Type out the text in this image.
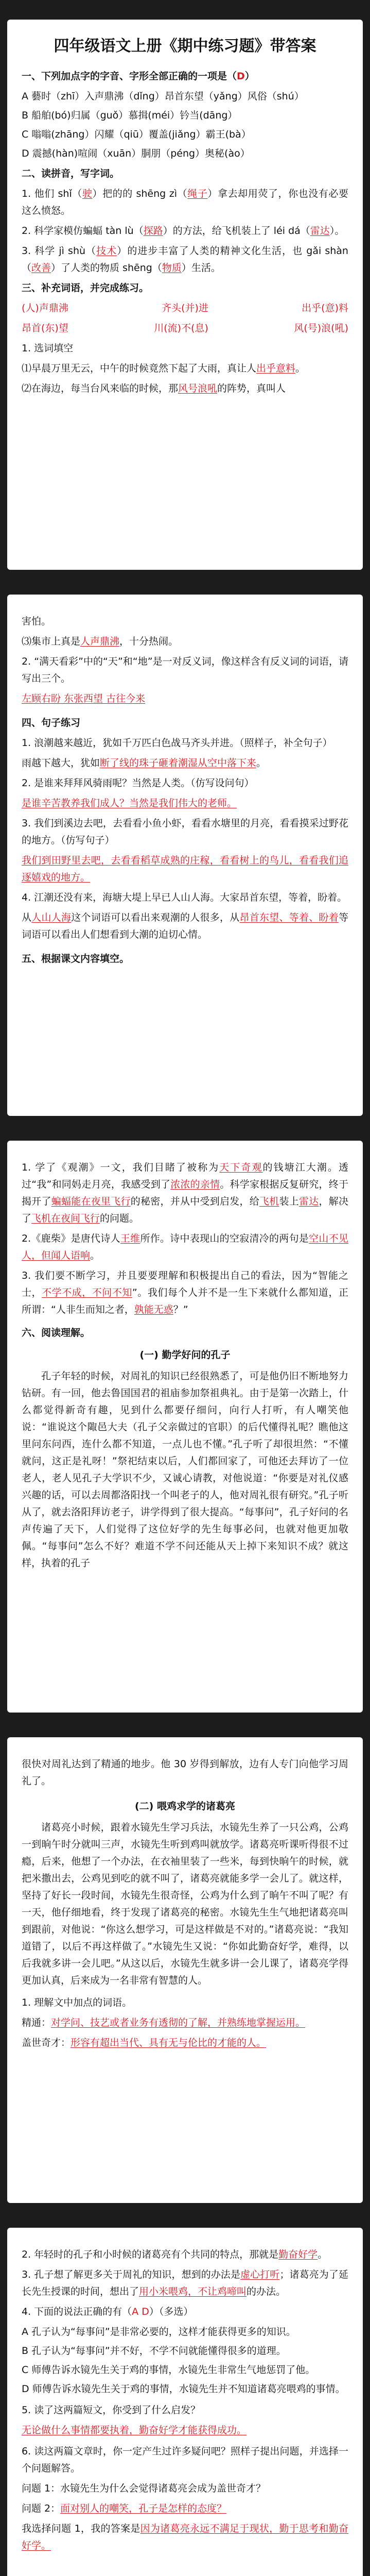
四年级语文上册《期中练习题》带答案
一、下列加点字的字音、字形全部正确的一项是（D）
A 藝时（zhī）入声鼎沸（dǐng）昂首东望（yǎng）风俗（shú）
B 船舶(bó)归属（guǒ）慕揖(méi）钤当(dāng）
C 嗡嗡(zhāng）闪耀（qiū）覆盖(jiǎng）霸王(bà）
D 震撼(hàn)喧闹（xuān）胴朋（péng）奥秘(ào）
二、读拼音，写字词。
1. 他们 shǐ（驶）把的的 shēng zì（绳子）拿去却用荧了，你也没有必要这么愤怒。
2. 科学家模仿蝙蝠 tàn lù（探路）的方法，给飞机装上了 léi dá（雷达）。
3. 科学 jì shù（技术）的进步丰富了人类的精神文化生活，也 gǎi shàn（改善）了人类的物质 shēng（物质）生活。
三、补充词语，并完成练习。
(人)声鼎沸	齐头(并)进	出乎(意)料
昂首(东)望	川(流)不(息)	风(号)浪(吼)
1. 选词填空
⑴早晨万里无云，中午的时候竟然下起了大雨，真让人出乎意料。
⑵在海边，每当台风来临的时候，那风号浪吼的阵势，真叫人
害怕。
⑶集市上真是人声鼎沸，十分热闹。
2. “满天看彩”中的“天”和“地”是一对反义词，像这样含有反义词的词语，请写出三个。
左顾右盼 东张西望 古往今来
四、句子练习
1. 浪潮越来越近，犹如千万匹白色战马齐头并进。（照样子，补全句子）
雨越下越大，犹如断了线的珠子砸着潮湿从空中落下来。
2. 是谁来拜拜风骑雨呢？当然是人类。（仿写设问句）
是谁辛苦教养我们成人？当然是我们伟大的老师。
3. 我们到溪边去吧，去看看小鱼小虾，看看水塘里的月亮，看看摸采过野花的地方。（仿写句子）
我们到田野里去吧，去看看稻草成熟的庄稼，看看树上的鸟儿，看看我们追逐嬉戏的地方。
4. 江潮还没有来，海塘大堤上早已人山人海。大家昂首东望，等着，盼着。
从人山人海这个词语可以看出来观潮的人很多，从昂首东望、等着、盼着等词语可以看出人们想看到大潮的迫切心情。
五、根据课文内容填空。
1. 学了《观潮》一文，我们目睹了被称为天下奇观的钱塘江大潮。透过“我”和同妈走月亮，我感受到了浓浓的亲情。科学家根据反复研究，终于揭开了蝙蝠能在夜里飞行的秘密，并从中受到启发，给飞机装上雷达，解决了飞机在夜间飞行的问题。
2.《鹿柴》是唐代诗人王维所作。诗中表现山的空寂清冷的两句是空山不见人，但闻人语响。
3. 我们要不断学习，并且要要理解和积极提出自己的看法，因为“智能之士，不学不成，不问不知”。我们每个人并不是一生下来就什么都知道，正所谓：“人非生而知之者，孰能无惑？”
六、阅读理解。
(一) 勤学好问的孔子
孔子年轻的时候，对周礼的知识已经很熟悉了，可是他仍旧不断地努力钻研。有一回，他去鲁国国君的祖庙参加祭祖典礼。由于是第一次踏上，什么都觉得新奇有趣，见到什么都要仔细问，向行人打听，有人嘲笑他说：“谁说这个陬邑大夫（孔子父亲做过的官职）的后代懂得礼呢？瞧他这里问东问西，连什么都不知道，一点儿也不懂。”孔子听了却很坦然：“不懂就问，这正是礼呀！”祭祀结束以后，人们都回家了，可他还去拜访了一位老人，老人见孔子大学识不少，又诚心请教，对他说道：“你要是对礼仪感兴趣的话，可以去周都洛阳找一个叫老子的人，他对周礼很有研究。”孔子听从了，就去洛阳拜访老子，讲学得到了很大提高。“每事问”，孔子好问的名声传遍了天下，人们觉得了这位好学的先生每事必问，也就对他更加敬佩。“每事问”怎么不好？难道不学不问还能从天上掉下来知识不成？就这样，执着的孔子
很快对周礼达到了精通的地步。他 30 岁得到解放，边有人专门向他学习周礼了。
(二) 喂鸡求学的诸葛亮
诸葛亮小时候，跟着水镜先生学习兵法，水镜先生养了一只公鸡，公鸡一到晌午时分就叫三声，水镜先生听到鸡叫就放学。诸葛亮听课听得很不过瘾，后来，他想了一个办法，在衣袖里装了一些米，每到快晌午的时候，就把米撒出去，公鸡见到吃的就不叫了，诸葛亮就能多学一会儿了。就这样，坚持了好长一段时间，水镜先生很奇怪，公鸡为什么到了晌午不叫了呢？有一天，他仔细地看，终于发现了诸葛亮的秘密。水镜先生生气地把诸葛亮叫到跟前，对他说：“你这么想学习，可是这样做是不对的。”诸葛亮说：“我知道错了，以后不再这样做了。”水镜先生又说：“你如此勤奋好学，难得，以后我就多讲一会儿吧。”从这以后，水镜先生就多讲一会儿课了，诸葛亮学得更加认真，后来成为一名非常有智慧的人。
1. 理解文中加点的词语。
精通：对学问、技艺或者业务有透彻的了解，并熟练地掌握运用。
盖世奇才：形容有超出当代、具有无与伦比的才能的人。
2. 年轻时的孔子和小时候的诸葛亮有个共同的特点，那就是勤奋好学。
3. 孔子想了解更多关于周礼的知识，想到的办法是虚心打听；诸葛亮为了延长先生授课的时间，想出了用小米喂鸡，不让鸡啼叫的办法。
4. 下面的说法正确的有（A D）（多选）
A 孔子认为“每事问”是非常必要的，这样才能获得更多的知识。
B 孔子认为“每事问”并不好，不学不问就能懂得很多的道理。
C 师傅告诉水镜先生关于鸡的事情，水镜先生非常生气地惩罚了他。
D 师傅告诉水镜先生关于鸡的事情，水镜先生并不知道诸葛亮喂鸡的事情。
5. 读了这两篇短文，你受到了什么启发？
无论做什么事情都要执着，勤奋好学才能获得成功。
6. 读这两篇文章时，你一定产生过许多疑问吧？照样子提出问题，并选择一个问题解答。
问题 1：水镜先生为什么会觉得诸葛亮会成为盖世奇才？
问题 2：面对别人的嘲笑，孔子是怎样的态度？
我选择问题 1，我的答案是因为诸葛亮永远不满足于现状，勤于思考和勤奋好学。
